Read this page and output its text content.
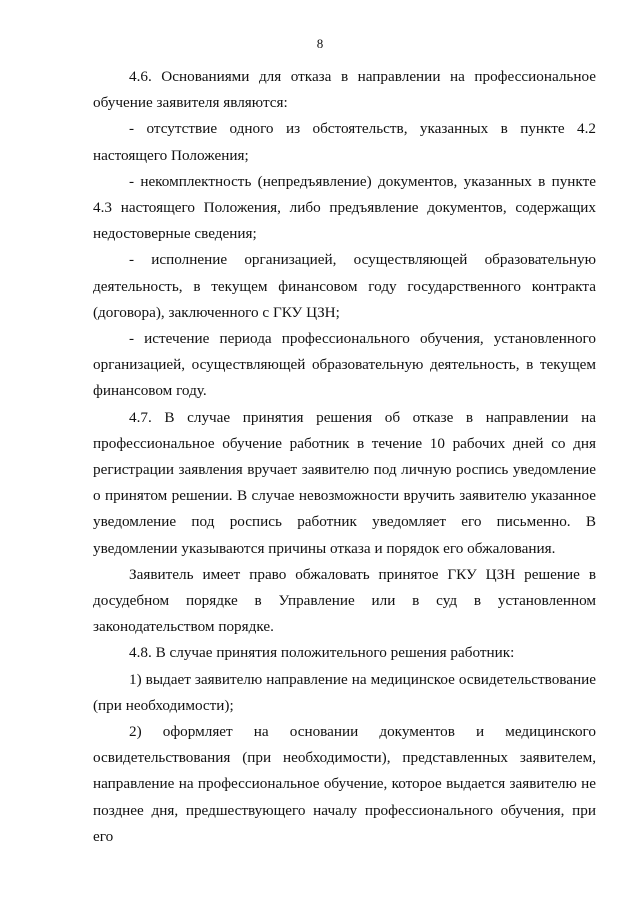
8

4.6. Основаниями для отказа в направлении на профессиональное обучение заявителя являются:

- отсутствие одного из обстоятельств, указанных в пункте 4.2 настоящего Положения;

- некомплектность (непредъявление) документов, указанных в пункте 4.3 настоящего Положения, либо предъявление документов, содержащих недостоверные сведения;

- исполнение организацией, осуществляющей образовательную деятельность, в текущем финансовом году государственного контракта (договора), заключенного с ГКУ ЦЗН;

- истечение периода профессионального обучения, установленного организацией, осуществляющей образовательную деятельность, в текущем финансовом году.

4.7. В случае принятия решения об отказе в направлении на профессиональное обучение работник в течение 10 рабочих дней со дня регистрации заявления вручает заявителю под личную роспись уведомление о принятом решении. В случае невозможности вручить заявителю указанное уведомление под роспись работник уведомляет его письменно. В уведомлении указываются причины отказа и порядок его обжалования.

Заявитель имеет право обжаловать принятое ГКУ ЦЗН решение в досудебном порядке в Управление или в суд в установленном законодательством порядке.

4.8. В случае принятия положительного решения работник:

1) выдает заявителю направление на медицинское освидетельствование (при необходимости);

2) оформляет на основании документов и медицинского освидетельствования (при необходимости), представленных заявителем, направление на профессиональное обучение, которое выдается заявителю не позднее дня, предшествующего началу профессионального обучения, при его
